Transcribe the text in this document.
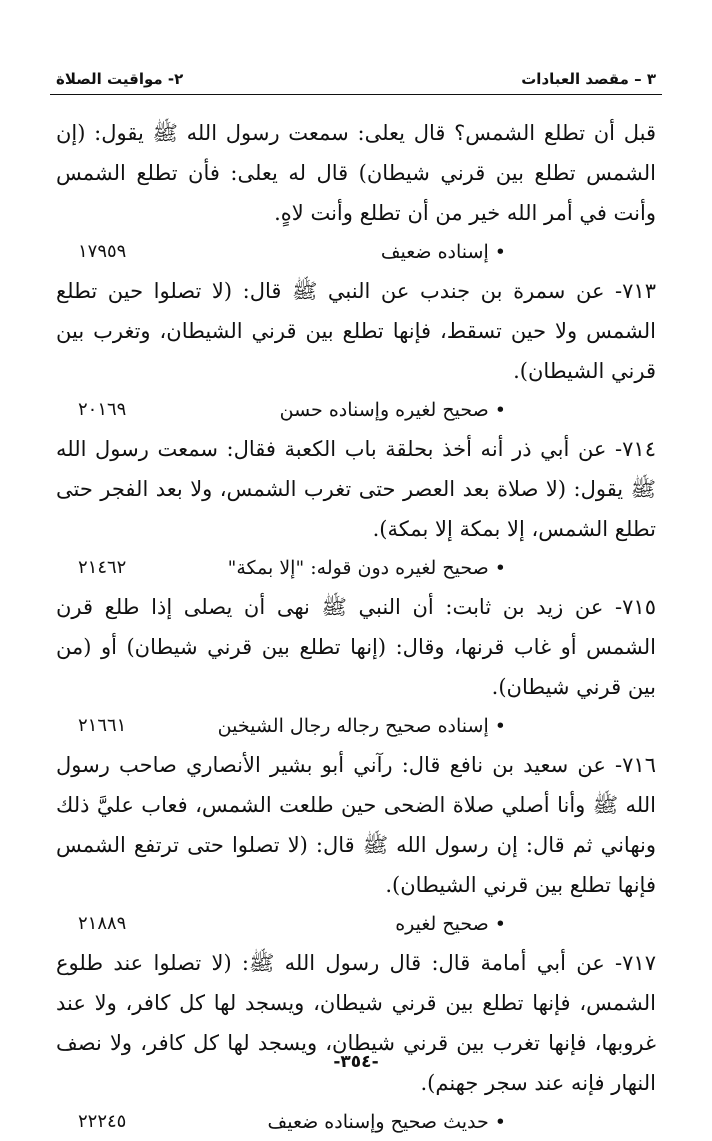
٣ – مقصد العبادات
٢- مواقيت الصلاة

قبل أن تطلع الشمس؟ قال يعلى: سمعت رسول الله ﷺ يقول: (إن الشمس تطلع بين قرني شيطان) قال له يعلى: فأن تطلع الشمس وأنت في أمر الله خير من أن تطلع وأنت لاهٍ.

• إسناده ضعيف
١٧٩٥٩

٧١٣- عن سمرة بن جندب عن النبي ﷺ قال: (لا تصلوا حين تطلع الشمس ولا حين تسقط، فإنها تطلع بين قرني الشيطان، وتغرب بين قرني الشيطان).

• صحيح لغيره وإسناده حسن
٢٠١٦٩

٧١٤- عن أبي ذر أنه أخذ بحلقة باب الكعبة فقال: سمعت رسول الله ﷺ يقول: (لا صلاة بعد العصر حتى تغرب الشمس، ولا بعد الفجر حتى تطلع الشمس، إلا بمكة إلا بمكة).

• صحيح لغيره دون قوله: "إلا بمكة"
٢١٤٦٢

٧١٥- عن زيد بن ثابت: أن النبي ﷺ نهى أن يصلى إذا طلع قرن الشمس أو غاب قرنها، وقال: (إنها تطلع بين قرني شيطان) أو (من بين قرني شيطان).

• إسناده صحيح رجاله رجال الشيخين
٢١٦٦١

٧١٦- عن سعيد بن نافع قال: رآني أبو بشير الأنصاري صاحب رسول الله ﷺ وأنا أصلي صلاة الضحى حين طلعت الشمس، فعاب عليَّ ذلك ونهاني ثم قال: إن رسول الله ﷺ قال: (لا تصلوا حتى ترتفع الشمس فإنها تطلع بين قرني الشيطان).

• صحيح لغيره
٢١٨٨٩

٧١٧- عن أبي أمامة قال: قال رسول الله ﷺ: (لا تصلوا عند طلوع الشمس، فإنها تطلع بين قرني شيطان، ويسجد لها كل كافر، ولا عند غروبها، فإنها تغرب بين قرني شيطان، ويسجد لها كل كافر، ولا نصف النهار فإنه عند سجر جهنم).

• حديث صحيح وإسناده ضعيف
٢٢٢٤٥
-٣٥٤-
